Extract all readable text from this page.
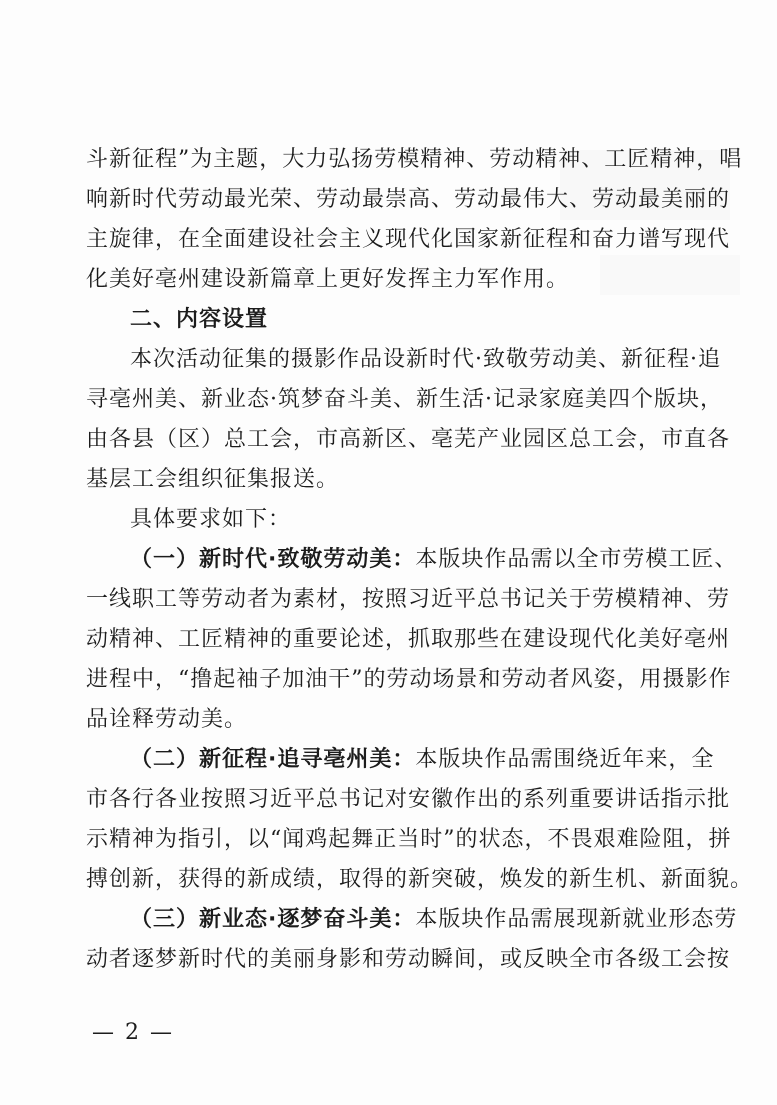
斗新征程”为主题，大力弘扬劳模精神、劳动精神、工匠精神，唱
响新时代劳动最光荣、劳动最崇高、劳动最伟大、劳动最美丽的
主旋律，在全面建设社会主义现代化国家新征程和奋力谱写现代
化美好亳州建设新篇章上更好发挥主力军作用。
二、内容设置
本次活动征集的摄影作品设新时代·致敬劳动美、新征程·追
寻亳州美、新业态·筑梦奋斗美、新生活·记录家庭美四个版块，
由各县（区）总工会，市高新区、亳芜产业园区总工会，市直各
基层工会组织征集报送。
具体要求如下：
（一）新时代·致敬劳动美：本版块作品需以全市劳模工匠、
一线职工等劳动者为素材，按照习近平总书记关于劳模精神、劳
动精神、工匠精神的重要论述，抓取那些在建设现代化美好亳州
进程中，“撸起袖子加油干”的劳动场景和劳动者风姿，用摄影作
品诠释劳动美。
（二）新征程·追寻亳州美：本版块作品需围绕近年来，全
市各行各业按照习近平总书记对安徽作出的系列重要讲话指示批
示精神为指引，以“闻鸡起舞正当时”的状态，不畏艰难险阻，拼
搏创新，获得的新成绩，取得的新突破，焕发的新生机、新面貌。
（三）新业态·逐梦奋斗美：本版块作品需展现新就业形态劳
动者逐梦新时代的美丽身影和劳动瞬间，或反映全市各级工会按
— 2 —
